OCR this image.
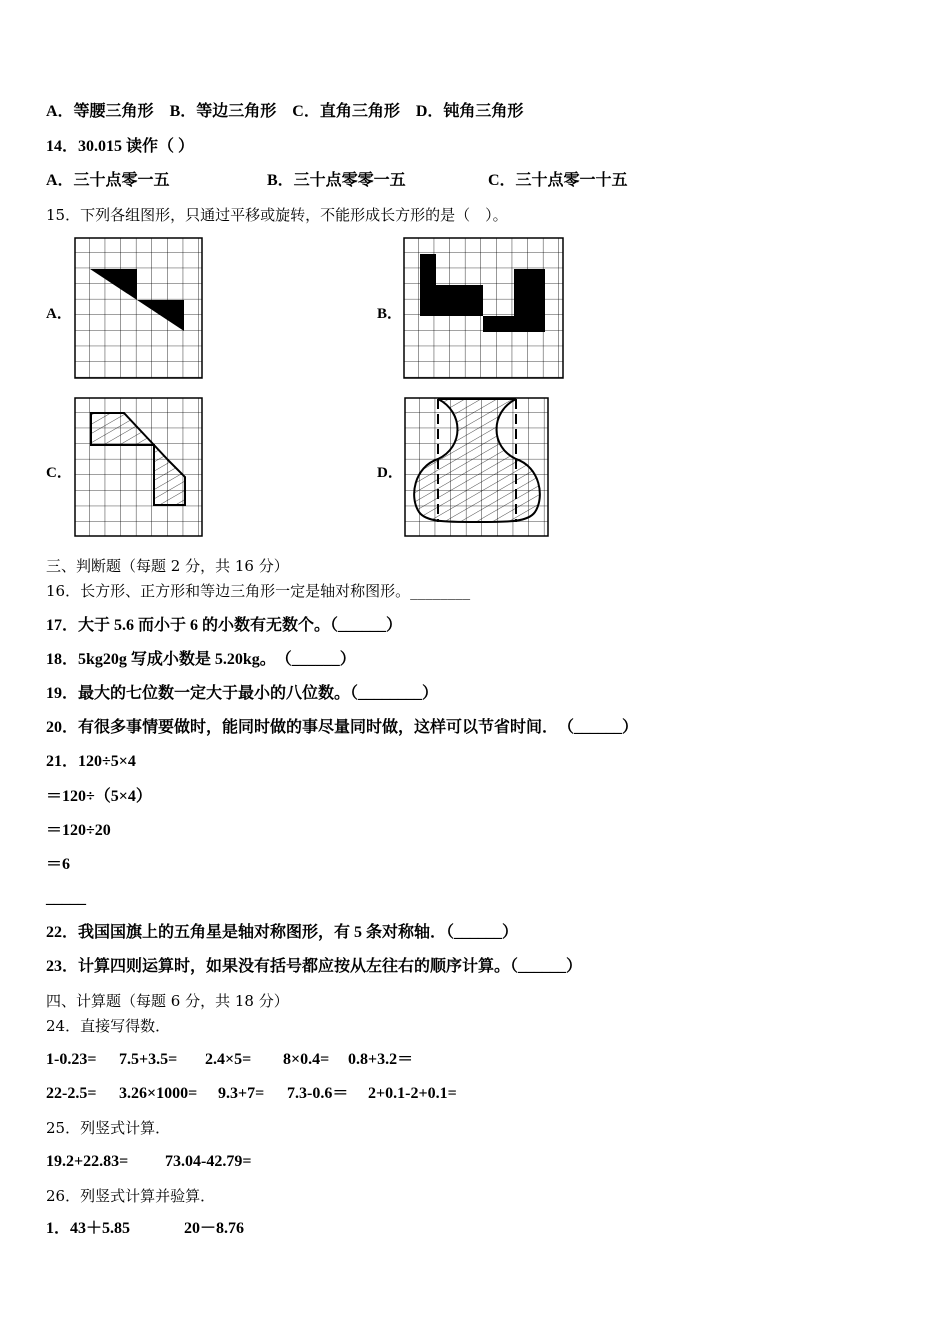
A．等腰三角形　 B．等边三角形　 C．直角三角形　 D．钝角三角形
14．30.015 读作（ ）
A．三十点零一五	B．三十点零零一五	C．三十点零一十五
15．下列各组图形，只通过平移或旋转，不能形成长方形的是（　）。
A．	B．
C．	D．
三、判断题（每题 2 分，共 16 分）
16．长方形、正方形和等边三角形一定是轴对称图形。________
17．大于 5.6 而小于 6 的小数有无数个。（______）
18．5kg20g 写成小数是 5.20kg。　（______）
19．最大的七位数一定大于最小的八位数。（________）
20．有很多事情要做时，能同时做的事尽量同时做，这样可以节省时间．　（______）
21．120÷5×4
＝120÷（5×4）
＝120÷20
＝6
_____
22．我国国旗上的五角星是轴对称图形，有 5 条对称轴．（______）
23．计算四则运算时，如果没有括号都应按从左往右的顺序计算。（______）
四、计算题（每题 6 分，共 18 分）
24．直接写得数．
1-0.23= 7.5+3.5= 2.4×5= 8×0.4= 0.8+3.2＝
22-2.5= 3.26×1000= 9.3+7= 7.3-0.6＝ 2+0.1-2+0.1=
25．列竖式计算．
19.2+22.83= 73.04-42.79=
26．列竖式计算并验算．
1．43＋5.85	20－8.76
